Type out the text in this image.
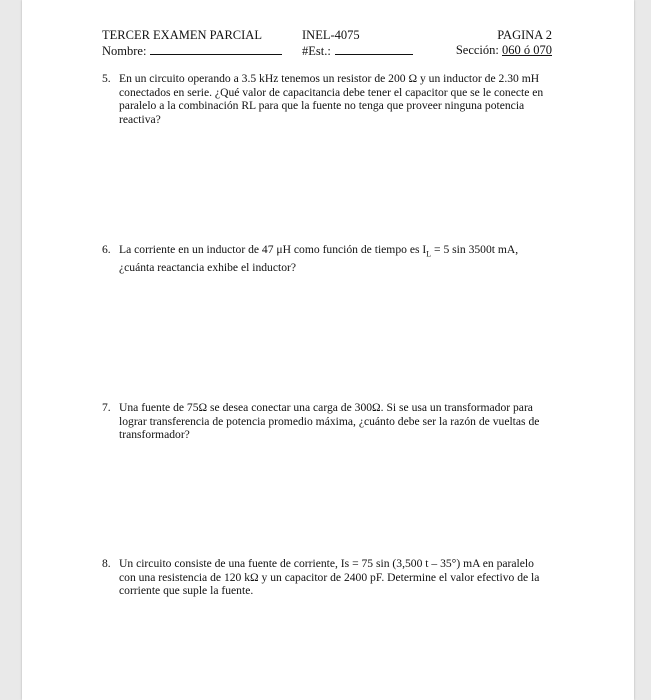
TERCER EXAMEN PARCIAL	INEL-4075	PAGINA 2
Nombre:	#Est.:	Sección: 060 ó 070
5. En un circuito operando a 3.5 kHz tenemos un resistor de 200 Ω y un inductor de 2.30 mH conectados en serie. ¿Qué valor de capacitancia debe tener el capacitor que se le conecte en paralelo a la combinación RL para que la fuente no tenga que proveer ninguna potencia reactiva?
6. La corriente en un inductor de 47 μH como función de tiempo es $I_L = 5$ sin 3500t mA, ¿cuánta reactancia exhibe el inductor?
7. Una fuente de 75Ω se desea conectar una carga de 300Ω. Si se usa un transformador para lograr transferencia de potencia promedio máxima, ¿cuánto debe ser la razón de vueltas de transformador?
8. Un circuito consiste de una fuente de corriente, Is = 75 sin (3,500 t – 35°) mA en paralelo con una resistencia de 120 kΩ y un capacitor de 2400 pF. Determine el valor efectivo de la corriente que suple la fuente.
